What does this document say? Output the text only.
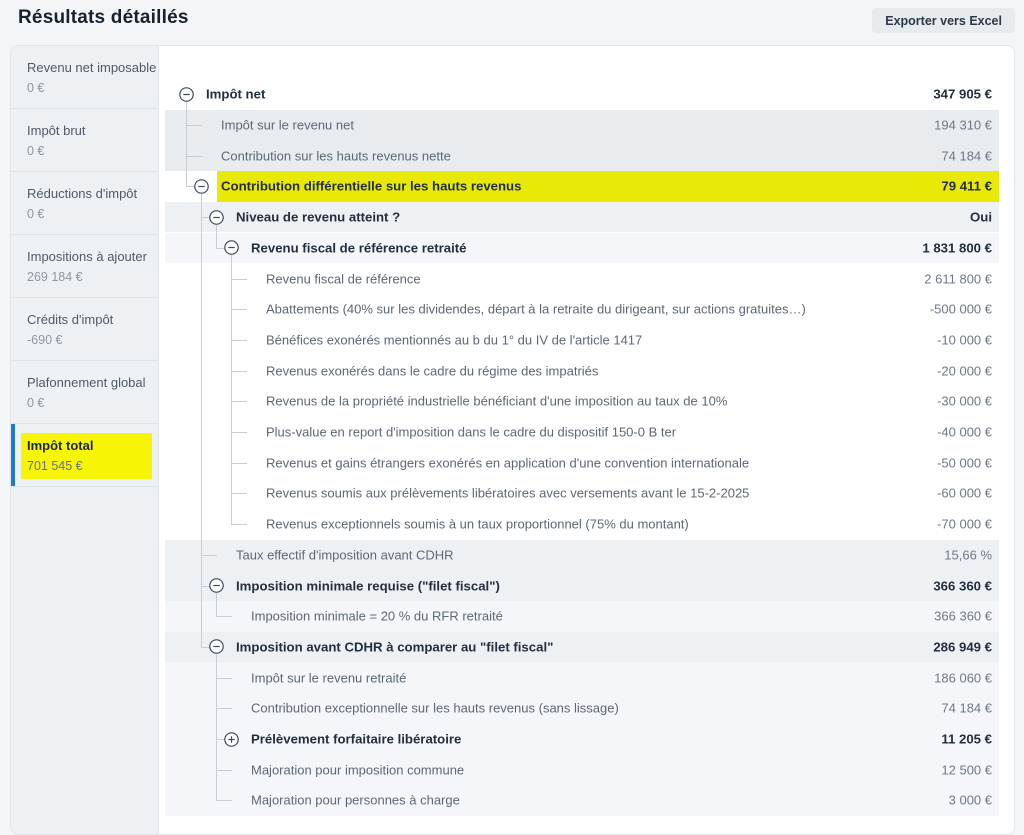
Résultats détaillés	Exporter vers Excel
Revenu net imposable
0 €
Impôt brut
0 €
Réductions d'impôt
0 €
Impositions à ajouter
269 184 €
Crédits d'impôt
-690 €
Plafonnement global
0 €
Impôt total
701 545 €
Impôt net	347 905 €
Impôt sur le revenu net	194 310 €
Contribution sur les hauts revenus nette	74 184 €
Contribution différentielle sur les hauts revenus	79 411 €
Niveau de revenu atteint ?	Oui
Revenu fiscal de référence retraité	1 831 800 €
Revenu fiscal de référence	2 611 800 €
Abattements (40% sur les dividendes, départ à la retraite du dirigeant, sur actions gratuites…)	-500 000 €
Bénéfices exonérés mentionnés au b du 1° du IV de l'article 1417	-10 000 €
Revenus exonérés dans le cadre du régime des impatriés	-20 000 €
Revenus de la propriété industrielle bénéficiant d'une imposition au taux de 10%	-30 000 €
Plus-value en report d'imposition dans le cadre du dispositif 150-0 B ter	-40 000 €
Revenus et gains étrangers exonérés en application d'une convention internationale	-50 000 €
Revenus soumis aux prélèvements libératoires avec versements avant le 15-2-2025	-60 000 €
Revenus exceptionnels soumis à un taux proportionnel (75% du montant)	-70 000 €
Taux effectif d'imposition avant CDHR	15,66 %
Imposition minimale requise ("filet fiscal")	366 360 €
Imposition minimale = 20 % du RFR retraité	366 360 €
Imposition avant CDHR à comparer au "filet fiscal"	286 949 €
Impôt sur le revenu retraité	186 060 €
Contribution exceptionnelle sur les hauts revenus (sans lissage)	74 184 €
Prélèvement forfaitaire libératoire	11 205 €
Majoration pour imposition commune	12 500 €
Majoration pour personnes à charge	3 000 €
